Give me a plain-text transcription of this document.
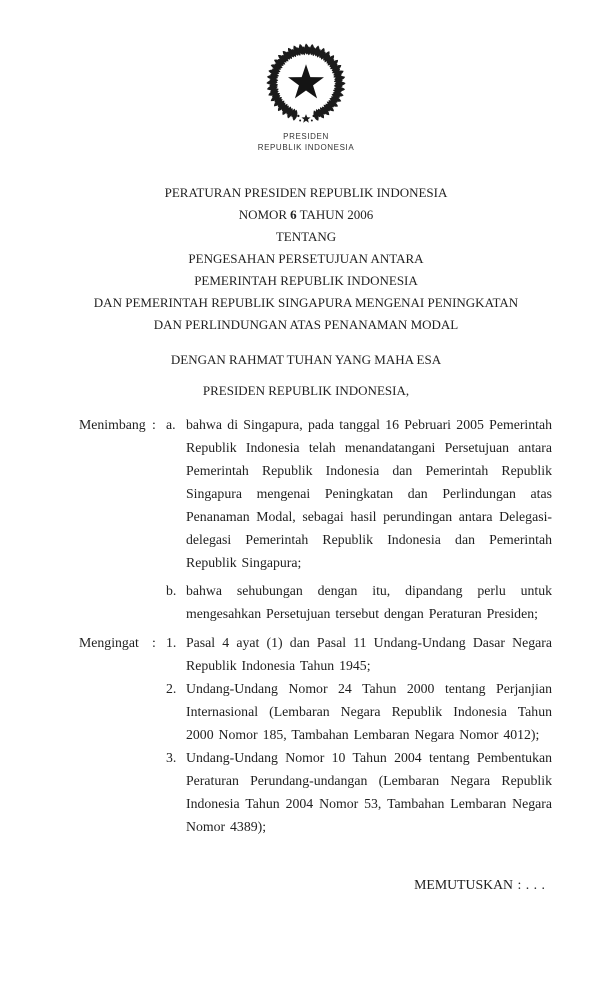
PRESIDEN
REPUBLIK INDONESIA
PERATURAN PRESIDEN REPUBLIK INDONESIA
NOMOR 6 TAHUN 2006
TENTANG
PENGESAHAN PERSETUJUAN ANTARA
PEMERINTAH REPUBLIK INDONESIA
DAN PEMERINTAH REPUBLIK SINGAPURA MENGENAI PENINGKATAN
DAN PERLINDUNGAN ATAS PENANAMAN MODAL
DENGAN RAHMAT TUHAN YANG MAHA ESA
PRESIDEN REPUBLIK INDONESIA,
Menimbang : a. bahwa di Singapura, pada tanggal 16 Pebruari 2005 Pemerintah Republik Indonesia telah menandatangani Persetujuan antara Pemerintah Republik Indonesia dan Pemerintah Republik Singapura mengenai Peningkatan dan Perlindungan atas Penanaman Modal, sebagai hasil perundingan antara Delegasi-delegasi Pemerintah Republik Indonesia dan Pemerintah Republik Singapura;
b. bahwa sehubungan dengan itu, dipandang perlu untuk mengesahkan Persetujuan tersebut dengan Peraturan Presiden;
Mengingat : 1. Pasal 4 ayat (1) dan Pasal 11 Undang-Undang Dasar Negara Republik Indonesia Tahun 1945;
2. Undang-Undang Nomor 24 Tahun 2000 tentang Perjanjian Internasional (Lembaran Negara Republik Indonesia Tahun 2000 Nomor 185, Tambahan Lembaran Negara Nomor 4012);
3. Undang-Undang Nomor 10 Tahun 2004 tentang Pembentukan Peraturan Perundang-undangan (Lembaran Negara Republik Indonesia Tahun 2004 Nomor 53, Tambahan Lembaran Negara Nomor 4389);
MEMUTUSKAN : . . .
